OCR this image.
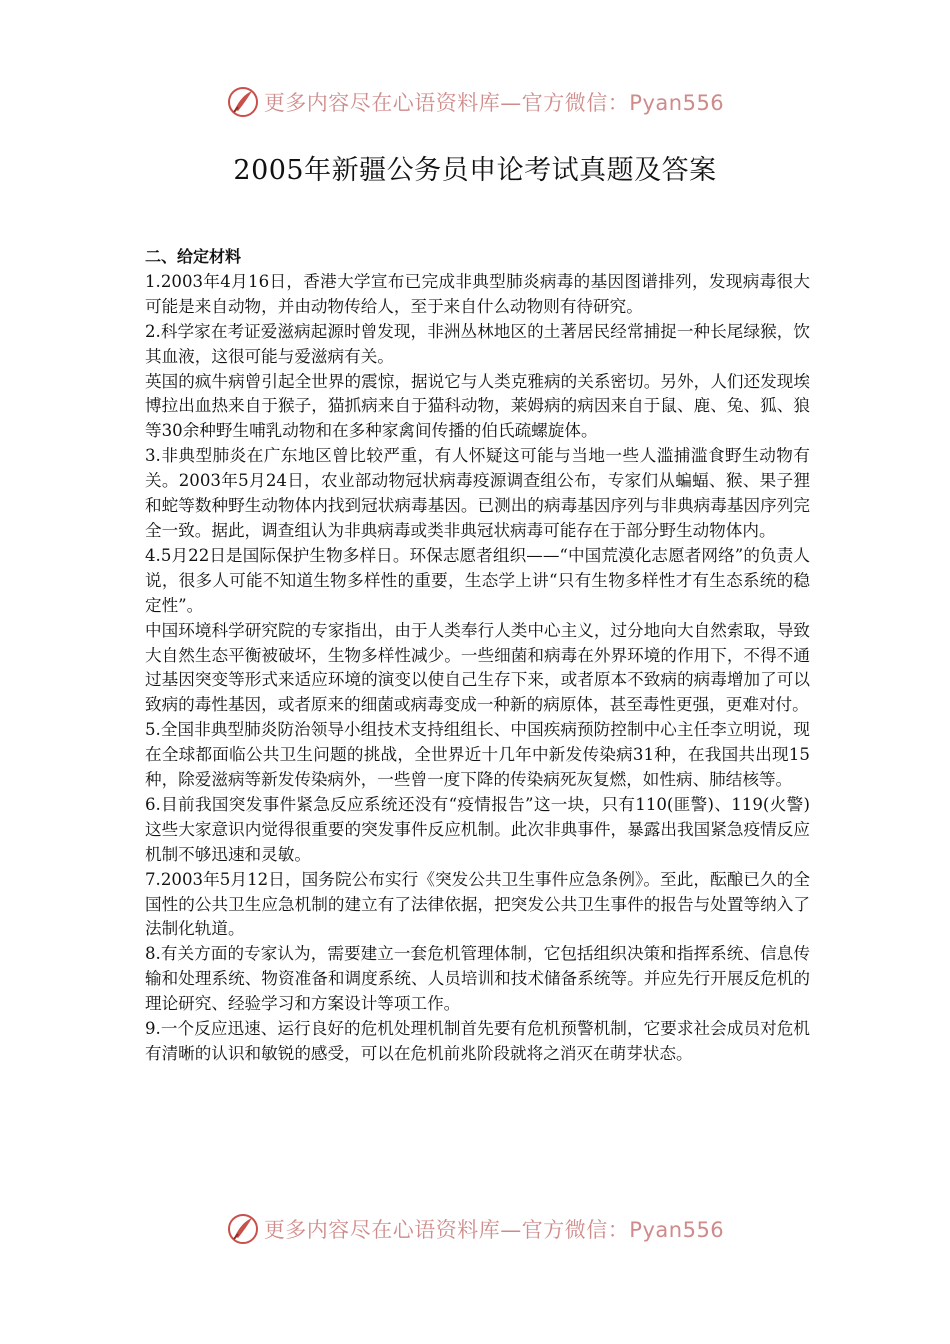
更多内容尽在心语资料库—官方微信：Pyan556
2005年新疆公务员申论考试真题及答案

二、给定材料

1.2003年4月16日，香港大学宣布已完成非典型肺炎病毒的基因图谱排列，发现病毒很大可能是来自动物，并由动物传给人，至于来自什么动物则有待研究。

2.科学家在考证爱滋病起源时曾发现，非洲丛林地区的土著居民经常捕捉一种长尾绿猴，饮其血液，这很可能与爱滋病有关。

英国的疯牛病曾引起全世界的震惊，据说它与人类克雅病的关系密切。另外，人们还发现埃博拉出血热来自于猴子，猫抓病来自于猫科动物，莱姆病的病因来自于鼠、鹿、兔、狐、狼等30余种野生哺乳动物和在多种家禽间传播的伯氏疏螺旋体。

3.非典型肺炎在广东地区曾比较严重，有人怀疑这可能与当地一些人滥捕滥食野生动物有关。2003年5月24日，农业部动物冠状病毒疫源调查组公布，专家们从蝙蝠、猴、果子狸和蛇等数种野生动物体内找到冠状病毒基因。已测出的病毒基因序列与非典病毒基因序列完全一致。据此，调查组认为非典病毒或类非典冠状病毒可能存在于部分野生动物体内。

4.5月22日是国际保护生物多样日。环保志愿者组织——“中国荒漠化志愿者网络”的负责人说，很多人可能不知道生物多样性的重要，生态学上讲“只有生物多样性才有生态系统的稳定性”。

中国环境科学研究院的专家指出，由于人类奉行人类中心主义，过分地向大自然索取，导致大自然生态平衡被破坏，生物多样性减少。一些细菌和病毒在外界环境的作用下，不得不通过基因突变等形式来适应环境的演变以使自己生存下来，或者原本不致病的病毒增加了可以致病的毒性基因，或者原来的细菌或病毒变成一种新的病原体，甚至毒性更强，更难对付。

5.全国非典型肺炎防治领导小组技术支持组组长、中国疾病预防控制中心主任李立明说，现在全球都面临公共卫生问题的挑战，全世界近十几年中新发传染病31种，在我国共出现15种，除爱滋病等新发传染病外，一些曾一度下降的传染病死灰复燃，如性病、肺结核等。

6.目前我国突发事件紧急反应系统还没有“疫情报告”这一块，只有110(匪警)、119(火警)这些大家意识内觉得很重要的突发事件反应机制。此次非典事件，暴露出我国紧急疫情反应机制不够迅速和灵敏。

7.2003年5月12日，国务院公布实行《突发公共卫生事件应急条例》。至此，酝酿已久的全国性的公共卫生应急机制的建立有了法律依据，把突发公共卫生事件的报告与处置等纳入了法制化轨道。

8.有关方面的专家认为，需要建立一套危机管理体制，它包括组织决策和指挥系统、信息传输和处理系统、物资准备和调度系统、人员培训和技术储备系统等。并应先行开展反危机的理论研究、经验学习和方案设计等项工作。

9.一个反应迅速、运行良好的危机处理机制首先要有危机预警机制，它要求社会成员对危机有清晰的认识和敏锐的感受，可以在危机前兆阶段就将之消灭在萌芽状态。

更多内容尽在心语资料库—官方微信：Pyan556
